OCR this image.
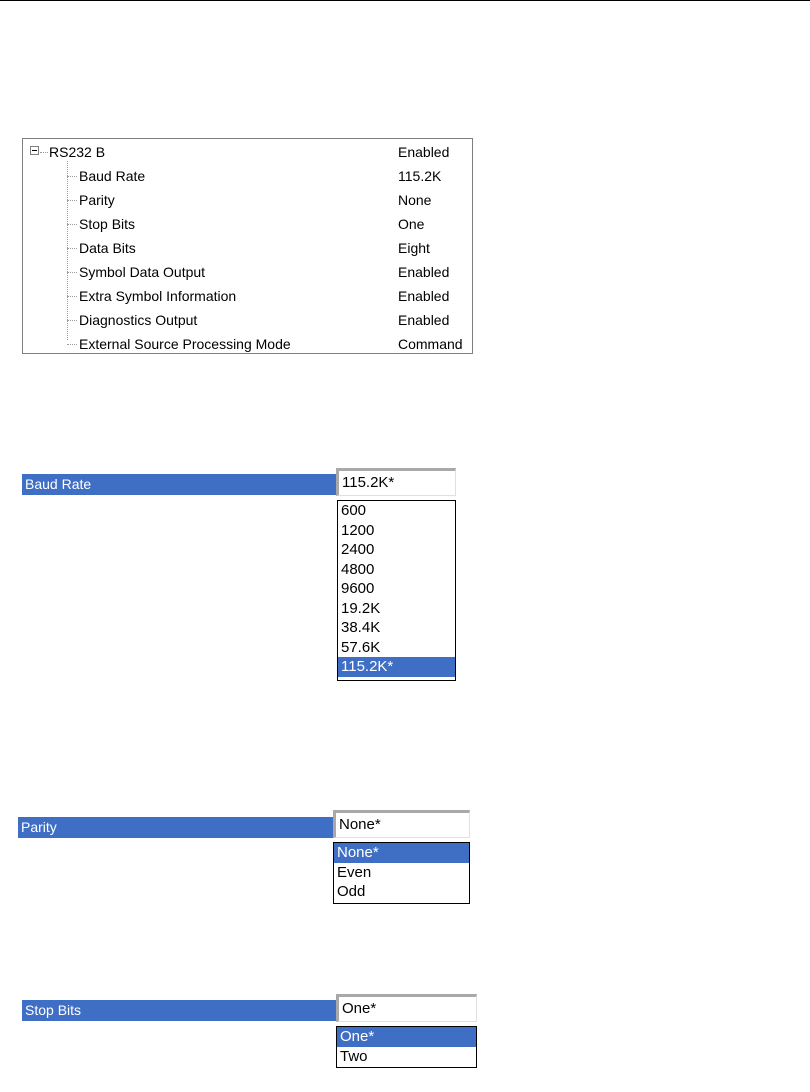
RS232 B	Enabled
Baud Rate	115.2K
Parity	None
Stop Bits	One
Data Bits	Eight
Symbol Data Output	Enabled
Extra Symbol Information	Enabled
Diagnostics Output	Enabled
External Source Processing Mode	Command
Baud Rate	115.2K*
600
1200
2400
4800
9600
19.2K
38.4K
57.6K
115.2K*
Parity	None*
None*
Even
Odd
Stop Bits	One*
One*
Two
